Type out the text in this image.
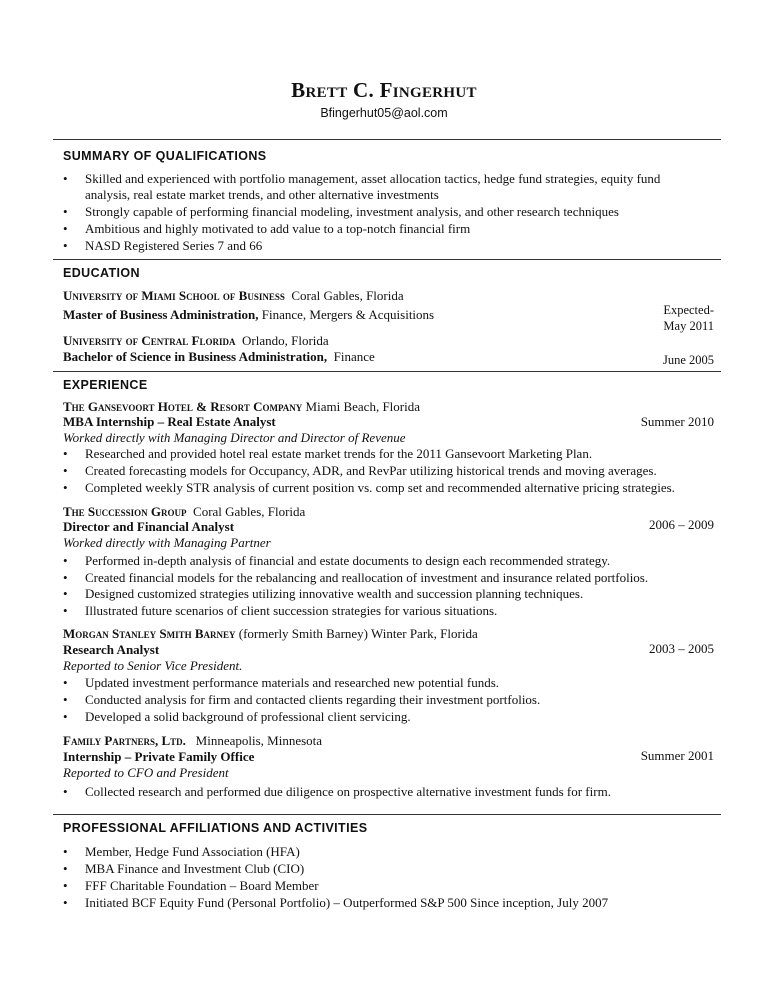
Brett C. Fingerhut
Bfingerhut05@aol.com
SUMMARY OF QUALIFICATIONS
• Skilled and experienced with portfolio management, asset allocation tactics, hedge fund strategies, equity fund
analysis, real estate market trends, and other alternative investments
• Strongly capable of performing financial modeling, investment analysis, and other research techniques
• Ambitious and highly motivated to add value to a top-notch financial firm
• NASD Registered Series 7 and 66
EDUCATION
University of Miami School of Business Coral Gables, Florida
Master of Business Administration, Finance, Mergers & Acquisitions	Expected-
May 2011
University of Central Florida Orlando, Florida
Bachelor of Science in Business Administration, Finance	June 2005
EXPERIENCE
The Gansevoort Hotel & Resort Company Miami Beach, Florida
MBA Internship – Real Estate Analyst	Summer 2010
Worked directly with Managing Director and Director of Revenue
• Researched and provided hotel real estate market trends for the 2011 Gansevoort Marketing Plan.
• Created forecasting models for Occupancy, ADR, and RevPar utilizing historical trends and moving averages.
• Completed weekly STR analysis of current position vs. comp set and recommended alternative pricing strategies.
The Succession Group Coral Gables, Florida
Director and Financial Analyst	2006 – 2009
Worked directly with Managing Partner
• Performed in-depth analysis of financial and estate documents to design each recommended strategy.
• Created financial models for the rebalancing and reallocation of investment and insurance related portfolios.
• Designed customized strategies utilizing innovative wealth and succession planning techniques.
• Illustrated future scenarios of client succession strategies for various situations.
Morgan Stanley Smith Barney (formerly Smith Barney) Winter Park, Florida
Research Analyst	2003 – 2005
Reported to Senior Vice President.
• Updated investment performance materials and researched new potential funds.
• Conducted analysis for firm and contacted clients regarding their investment portfolios.
• Developed a solid background of professional client servicing.
Family Partners, Ltd. Minneapolis, Minnesota
Internship – Private Family Office	Summer 2001
Reported to CFO and President
• Collected research and performed due diligence on prospective alternative investment funds for firm.
PROFESSIONAL AFFILIATIONS AND ACTIVITIES
• Member, Hedge Fund Association (HFA)
• MBA Finance and Investment Club (CIO)
• FFF Charitable Foundation – Board Member
• Initiated BCF Equity Fund (Personal Portfolio) – Outperformed S&P 500 Since inception, July 2007
